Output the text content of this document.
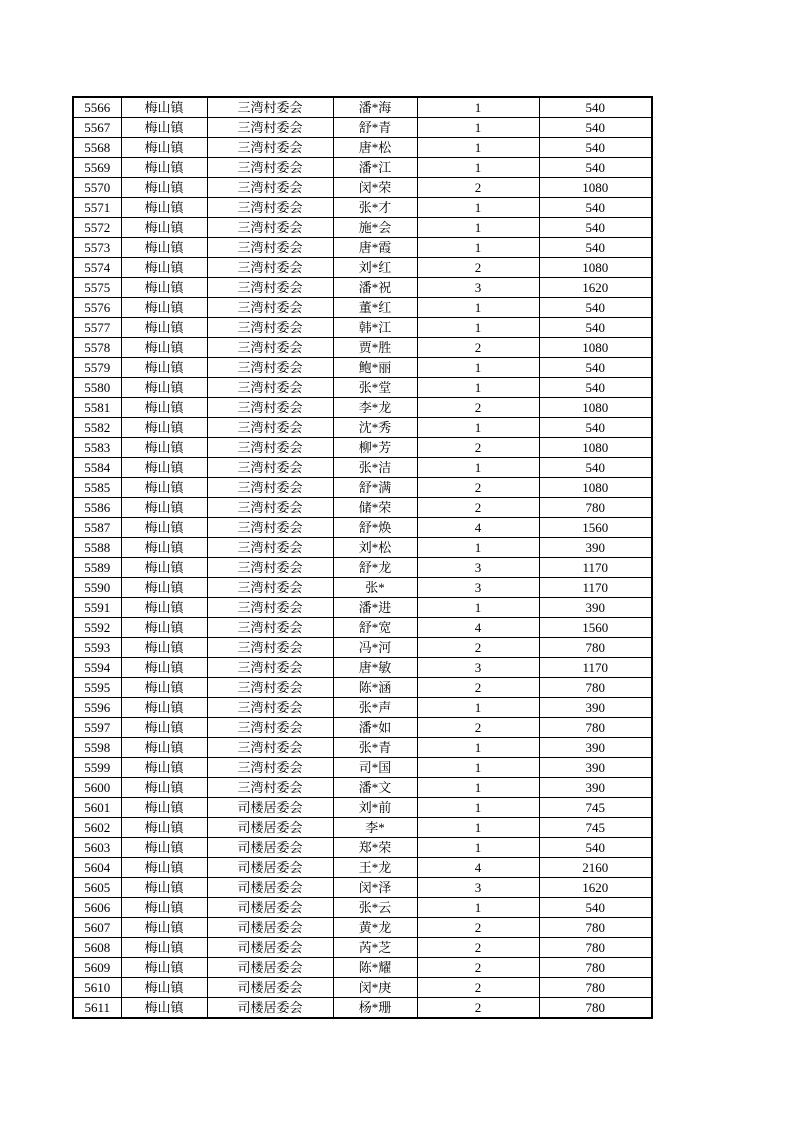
5566	梅山镇	三湾村委会	潘*海	1	540
5567	梅山镇	三湾村委会	舒*青	1	540
5568	梅山镇	三湾村委会	唐*松	1	540
5569	梅山镇	三湾村委会	潘*江	1	540
5570	梅山镇	三湾村委会	闵*荣	2	1080
5571	梅山镇	三湾村委会	张*才	1	540
5572	梅山镇	三湾村委会	施*会	1	540
5573	梅山镇	三湾村委会	唐*霞	1	540
5574	梅山镇	三湾村委会	刘*红	2	1080
5575	梅山镇	三湾村委会	潘*祝	3	1620
5576	梅山镇	三湾村委会	董*红	1	540
5577	梅山镇	三湾村委会	韩*江	1	540
5578	梅山镇	三湾村委会	贾*胜	2	1080
5579	梅山镇	三湾村委会	鲍*丽	1	540
5580	梅山镇	三湾村委会	张*堂	1	540
5581	梅山镇	三湾村委会	李*龙	2	1080
5582	梅山镇	三湾村委会	沈*秀	1	540
5583	梅山镇	三湾村委会	柳*芳	2	1080
5584	梅山镇	三湾村委会	张*洁	1	540
5585	梅山镇	三湾村委会	舒*满	2	1080
5586	梅山镇	三湾村委会	储*荣	2	780
5587	梅山镇	三湾村委会	舒*焕	4	1560
5588	梅山镇	三湾村委会	刘*松	1	390
5589	梅山镇	三湾村委会	舒*龙	3	1170
5590	梅山镇	三湾村委会	张*	3	1170
5591	梅山镇	三湾村委会	潘*进	1	390
5592	梅山镇	三湾村委会	舒*宽	4	1560
5593	梅山镇	三湾村委会	冯*河	2	780
5594	梅山镇	三湾村委会	唐*敏	3	1170
5595	梅山镇	三湾村委会	陈*涵	2	780
5596	梅山镇	三湾村委会	张*声	1	390
5597	梅山镇	三湾村委会	潘*如	2	780
5598	梅山镇	三湾村委会	张*青	1	390
5599	梅山镇	三湾村委会	司*国	1	390
5600	梅山镇	三湾村委会	潘*文	1	390
5601	梅山镇	司楼居委会	刘*前	1	745
5602	梅山镇	司楼居委会	李*	1	745
5603	梅山镇	司楼居委会	郑*荣	1	540
5604	梅山镇	司楼居委会	王*龙	4	2160
5605	梅山镇	司楼居委会	闵*泽	3	1620
5606	梅山镇	司楼居委会	张*云	1	540
5607	梅山镇	司楼居委会	黄*龙	2	780
5608	梅山镇	司楼居委会	芮*芝	2	780
5609	梅山镇	司楼居委会	陈*耀	2	780
5610	梅山镇	司楼居委会	闵*庚	2	780
5611	梅山镇	司楼居委会	杨*珊	2	780
